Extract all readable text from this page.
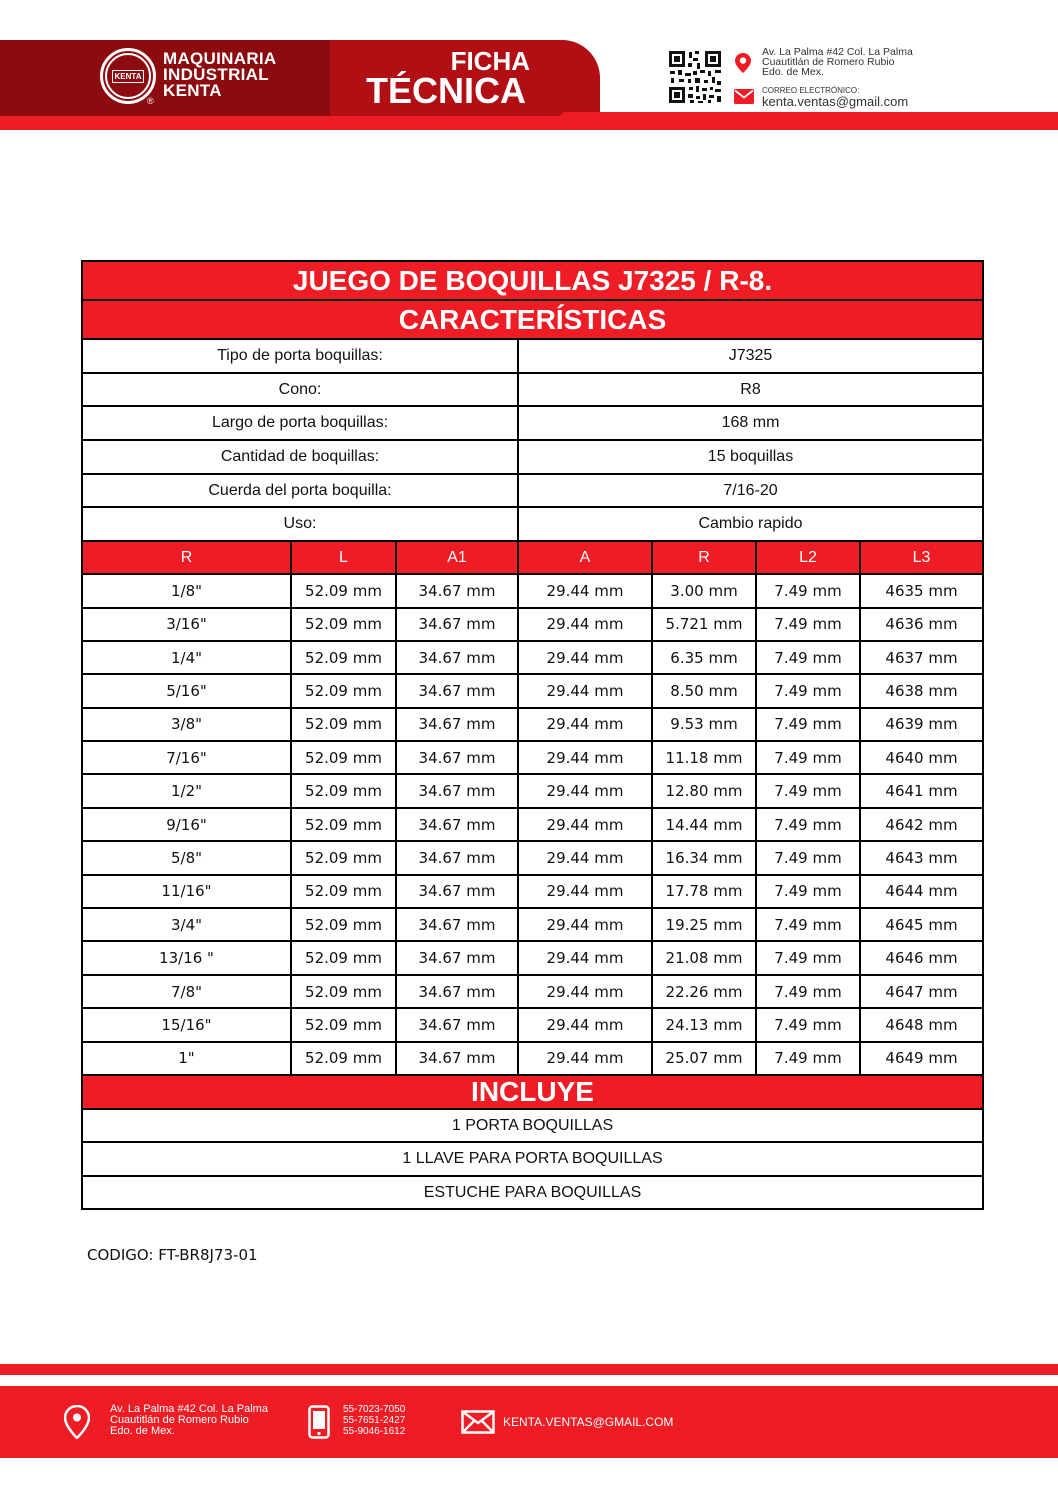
KENTA
®
MAQUINARIA
INDUSTRIAL
KENTA
FICHA
TÉCNICA
Av. La Palma #42 Col. La Palma
Cuautitlán de Romero Rubio
Edo. de Mex.
CORREO ELECTRÓNICO:
kenta.ventas@gmail.com
JUEGO DE BOQUILLAS J7325 / R-8.						
CARACTERÍSTICAS						
Tipo de porta boquillas:			J7325			
Cono:			R8			
Largo de porta boquillas:			168 mm			
Cantidad de boquillas:			15 boquillas			
Cuerda del porta boquilla:			7/16-20			
Uso:			Cambio rapido			
R	L	A1	A	R	L2	L3
1/8"	52.09 mm	34.67 mm	29.44 mm	3.00 mm	7.49 mm	4635 mm
3/16"	52.09 mm	34.67 mm	29.44 mm	5.721 mm	7.49 mm	4636 mm
1/4"	52.09 mm	34.67 mm	29.44 mm	6.35 mm	7.49 mm	4637 mm
5/16"	52.09 mm	34.67 mm	29.44 mm	8.50 mm	7.49 mm	4638 mm
3/8"	52.09 mm	34.67 mm	29.44 mm	9.53 mm	7.49 mm	4639 mm
7/16"	52.09 mm	34.67 mm	29.44 mm	11.18 mm	7.49 mm	4640 mm
1/2"	52.09 mm	34.67 mm	29.44 mm	12.80 mm	7.49 mm	4641 mm
9/16"	52.09 mm	34.67 mm	29.44 mm	14.44 mm	7.49 mm	4642 mm
5/8"	52.09 mm	34.67 mm	29.44 mm	16.34 mm	7.49 mm	4643 mm
11/16"	52.09 mm	34.67 mm	29.44 mm	17.78 mm	7.49 mm	4644 mm
3/4"	52.09 mm	34.67 mm	29.44 mm	19.25 mm	7.49 mm	4645 mm
13/16 "	52.09 mm	34.67 mm	29.44 mm	21.08 mm	7.49 mm	4646 mm
7/8"	52.09 mm	34.67 mm	29.44 mm	22.26 mm	7.49 mm	4647 mm
15/16"	52.09 mm	34.67 mm	29.44 mm	24.13 mm	7.49 mm	4648 mm
1"	52.09 mm	34.67 mm	29.44 mm	25.07 mm	7.49 mm	4649 mm
INCLUYE						
1 PORTA BOQUILLAS						
1 LLAVE PARA PORTA BOQUILLAS						
ESTUCHE PARA BOQUILLAS						
CODIGO: FT-BR8J73-01
Av. La Palma #42 Col. La Palma
Cuautitlán de Romero Rubio
Edo. de Mex.
55-7023-7050
55-7651-2427
55-9046-1612
KENTA.VENTAS@GMAIL.COM
